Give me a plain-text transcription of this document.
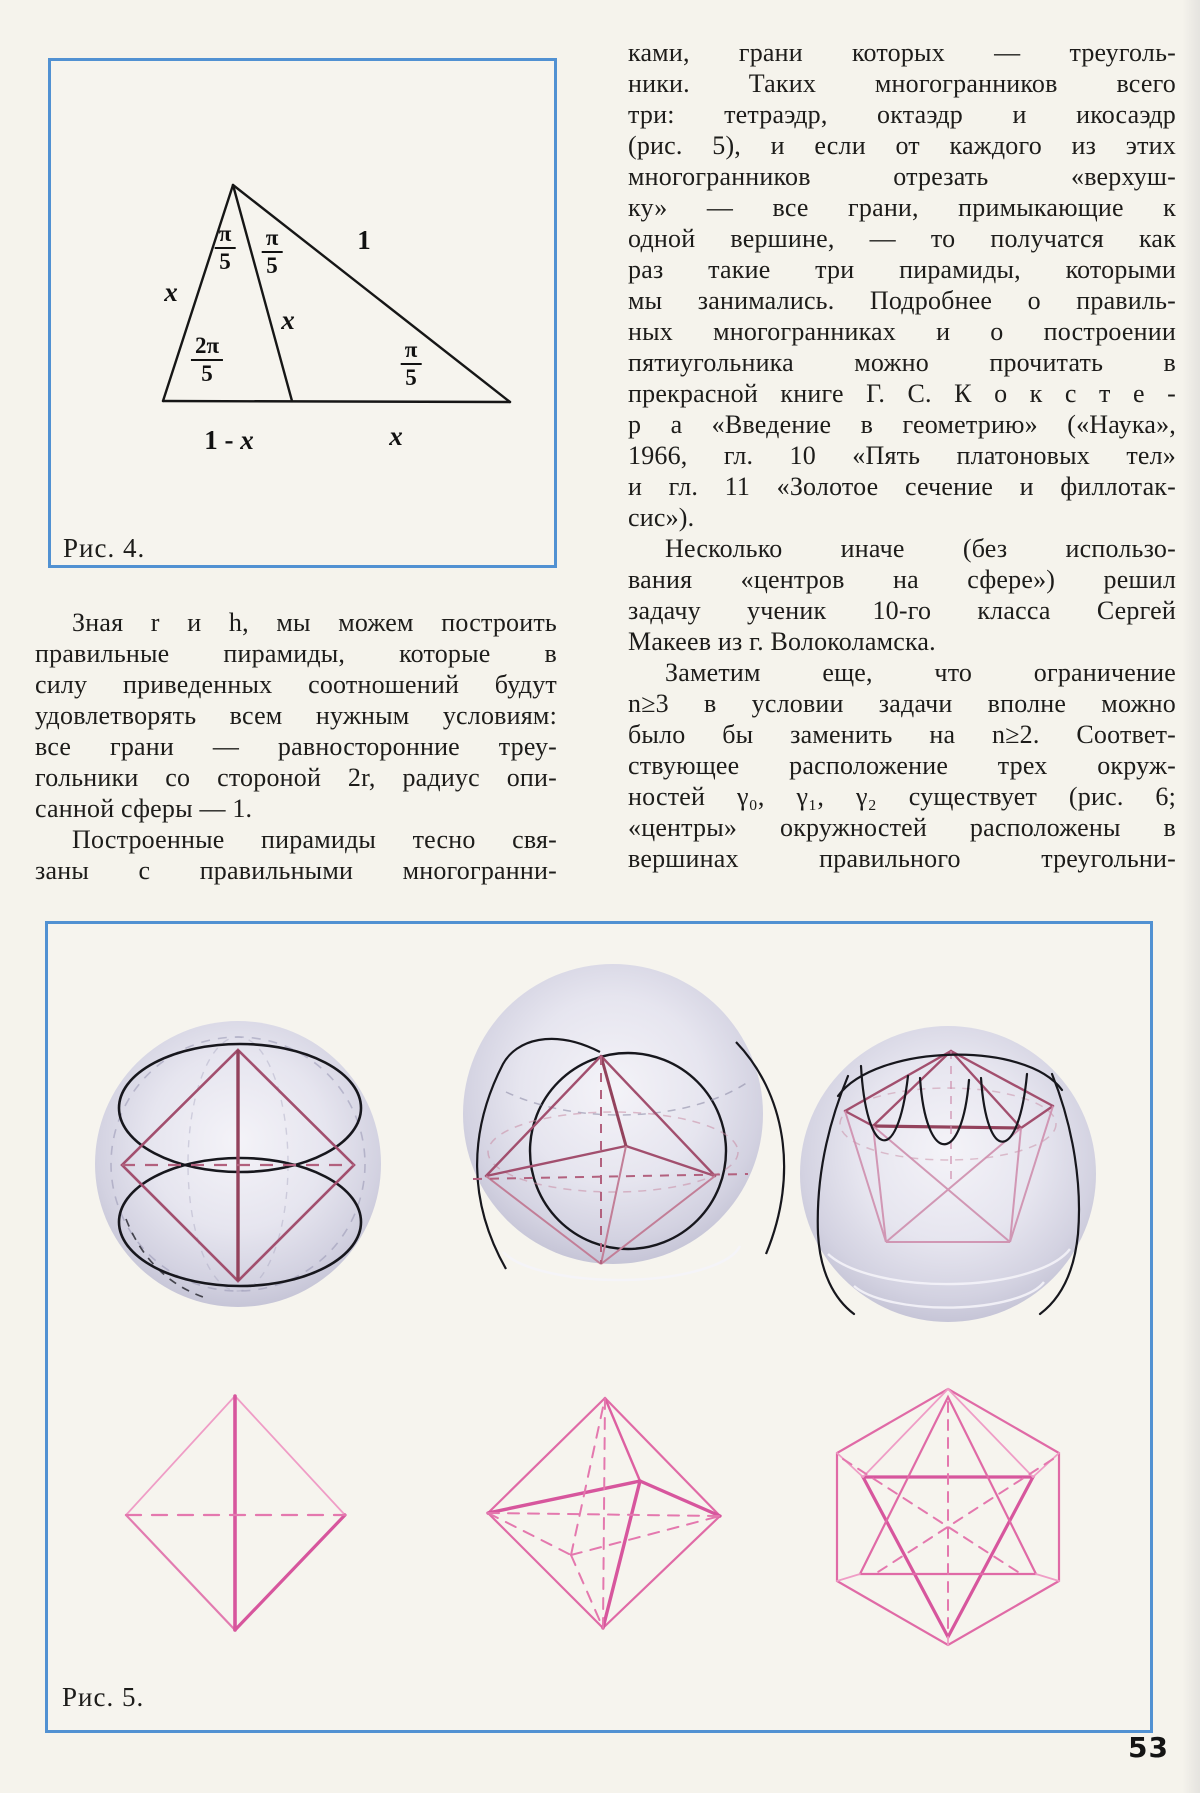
x
1
x
1 - x	x
$\frac{\pi}{5} \frac{\pi}{5}$
$\frac{2\pi}{5}$	$\frac{\pi}{5}$
Рис. 4.
Зная r и h, мы можем построить
правильные пирамиды, которые в
силу приведенных соотношений будут
удовлетворять всем нужным условиям:
все грани — равносторонние треу-
гольники со стороной 2r, радиус опи-
санной сферы — 1.
Построенные пирамиды тесно свя-
заны с правильными многогранни-
ками, грани которых — треуголь-
ники. Таких многогранников всего
три: тетраэдр, октаэдр и икосаэдр
(рис. 5), и если от каждого из этих
многогранников отрезать «верхуш-
ку» — все грани, примыкающие к
одной вершине, — то получатся как
раз такие три пирамиды, которыми
мы занимались. Подробнее о правиль-
ных многогранниках и о построении
пятиугольника можно прочитать в
прекрасной книге Г. С. К о к с т е -
р а «Введение в геометрию» («Наука»,
1966, гл. 10 «Пять платоновых тел»
и гл. 11 «Золотое сечение и филлотак-
сис»).
Несколько иначе (без использо-
вания «центров на сфере») решил
задачу ученик 10-го класса Сергей
Макеев из г. Волоколамска.
Заметим еще, что ограничение
n≥3 в условии задачи вполне можно
было бы заменить на n≥2. Соответ-
ствующее расположение трех окруж-
ностей γ₀, γ₁, γ₂ существует (рис. 6;
«центры» окружностей расположены в
вершинах правильного треугольни-
Рис. 5.
53
